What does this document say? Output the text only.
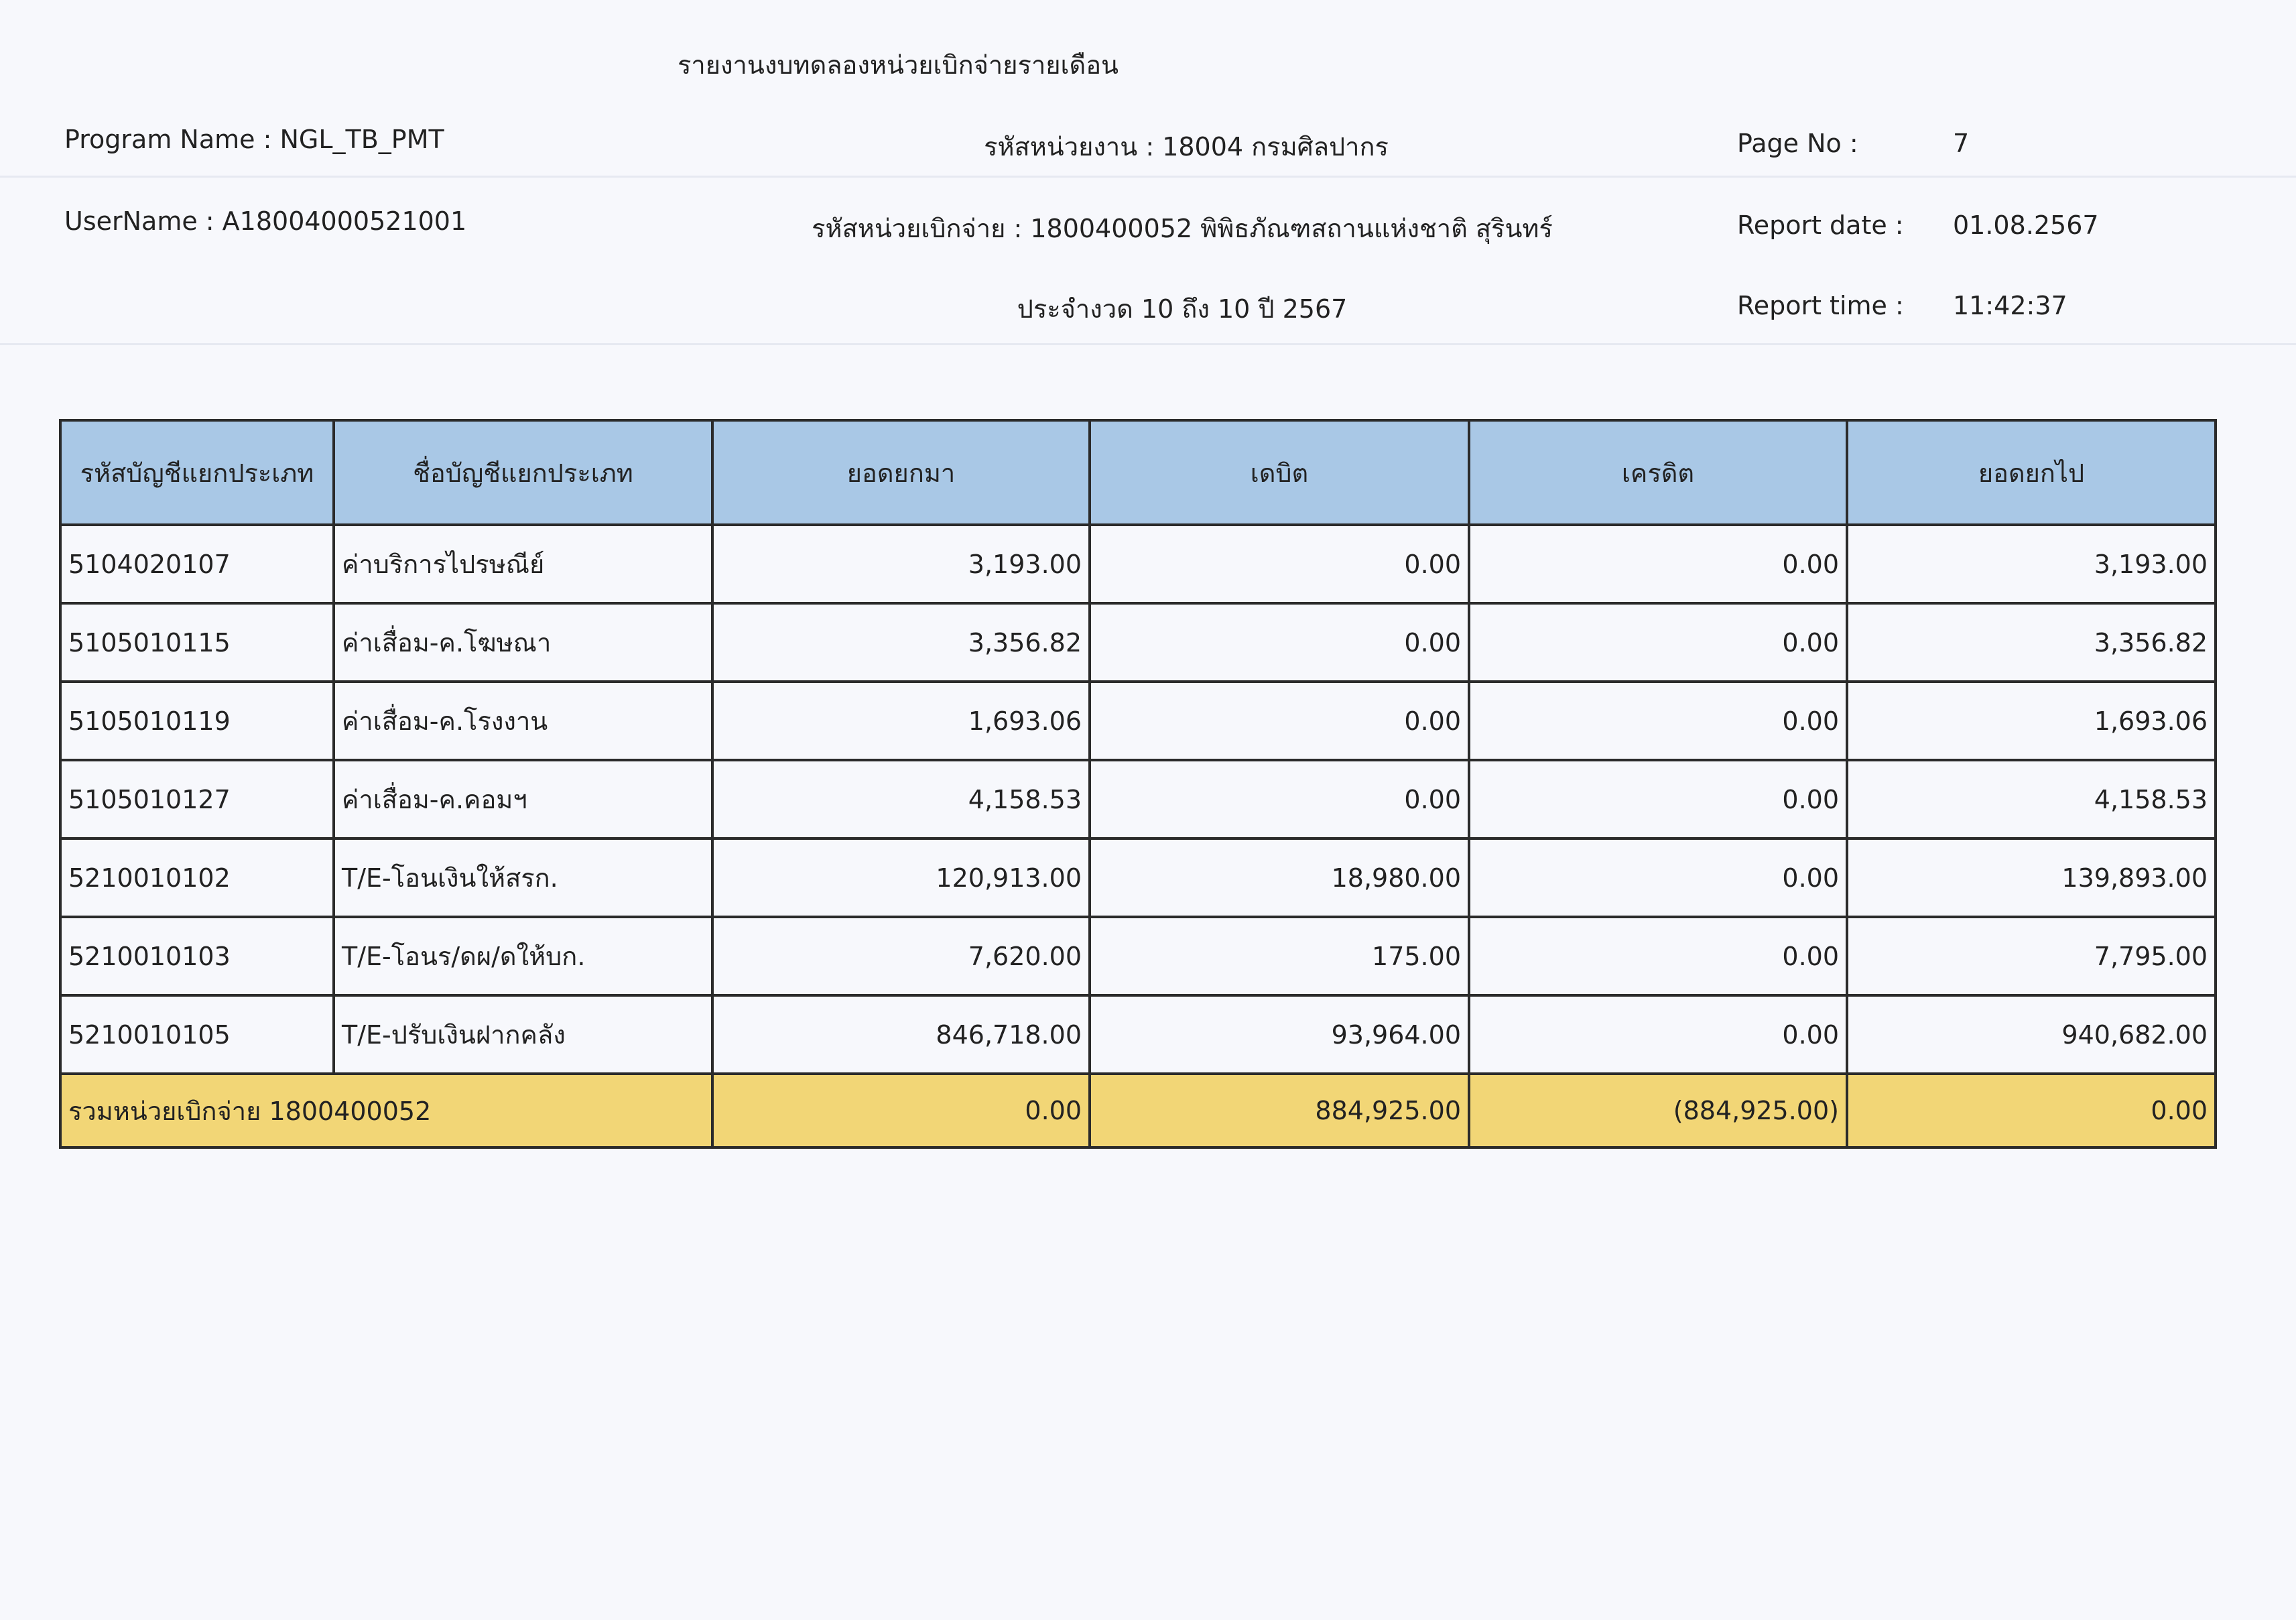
รายงานงบทดลองหน่วยเบิกจ่ายรายเดือน
Program Name : NGL_TB_PMT	รหัสหน่วยงาน : 18004 กรมศิลปากร	Page No :	7
UserName : A18004000521001	รหัสหน่วยเบิกจ่าย : 1800400052 พิพิธภัณฑสถานแห่งชาติ สุรินทร์	Report date : 01.08.2567
ประจำงวด 10 ถึง 10 ปี 2567	Report time : 11:42:37
รหัสบัญชีแยกประเภท	ชื่อบัญชีแยกประเภท	ยอดยกมา	เดบิต	เครดิต	ยอดยกไป
5104020107	ค่าบริการไปรษณีย์	3,193.00	0.00	0.00	3,193.00
5105010115	ค่าเสื่อม-ค.โฆษณา	3,356.82	0.00	0.00	3,356.82
5105010119	ค่าเสื่อม-ค.โรงงาน	1,693.06	0.00	0.00	1,693.06
5105010127	ค่าเสื่อม-ค.คอมฯ	4,158.53	0.00	0.00	4,158.53
5210010102	T/E-โอนเงินให้สรก.	120,913.00	18,980.00	0.00	139,893.00
5210010103	T/E-โอนร/ดผ/ดให้บก.	7,620.00	175.00	0.00	7,795.00
5210010105	T/E-ปรับเงินฝากคลัง	846,718.00	93,964.00	0.00	940,682.00
รวมหน่วยเบิกจ่าย 1800400052		0.00	884,925.00	(884,925.00)	0.00
